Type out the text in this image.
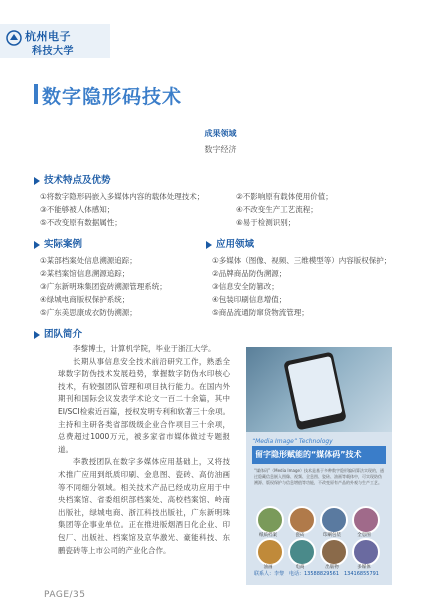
杭州电子
科技大学
数字隐形码技术
成果领域
数字经济
技术特点及优势
①将数字隐形码嵌入多媒体内容的载体处理技术；
③不能够被人体感知；
⑤不改变原有数据属性；
②不影响原有载体使用价值；
④不改变生产工艺流程；
⑥易于检测识别；
实际案例
①某部档案处信息溯源追踪；
②某档案馆信息溯源追踪；
③广东新明珠集团瓷砖溯源管理系统；
④绿城电商版权保护系统；
⑤广东美思康成衣防伪溯源；
应用领域
①多媒体（图像、视频、三维模型等）内容版权保护；
②品牌商品防伪溯源；
③信息安全防篡改；
④包装印刷信息增值；
⑤商品流通防窜货物流管理；
团队简介

李黎博士，计算机学院，毕业于浙江大学。

长期从事信息安全技术前沿研究工作，熟悉全球数字防伪技术发展趋势，掌握数字防伪水印核心技术，有较强团队管理和项目执行能力。在国内外期刊和国际会议发表学术论文一百二十余篇，其中EI/SCI检索近百篇，授权发明专利和软著三十余项。主持和主研各类省部级级企业合作项目三十余项，总费超过1000万元，被多家省市媒体做过专题报道。

李教授团队在数字多媒体应用基础上，又将技术推广应用到纸质印刷、金息图、瓷砖、高仿油画等不同细分领域。相关技术产品已经成功应用于中央档案馆、省委组织部档案处、高校档案馆、岭南出版社，绿城电商、浙江科技出版社，广东新明珠集团等企事业单位。正在推进版烟酒日化企业、印包厂、出版社、档案馆及京华激光、豪能科技、东鹏瓷砖等上市公司的产业化合作。

“Media Image” Technology
留字隐形赋能的“媒体码”技术
“媒体码”（Media Image）技术是基于多种数字隐形编码算法实现的，通过隐藏信息嵌入图像、视频、全息图、瓷砖、油画等载体中，可实现防伪溯源、版权保护与信息增值等功能，不改变原有产品的外观与生产工艺。
纸质档案	瓷砖	印刷包装	全息图
油画	电商	出版物	多媒体
联系人：李黎　电话：13588829561　13416855791
PAGE/35
